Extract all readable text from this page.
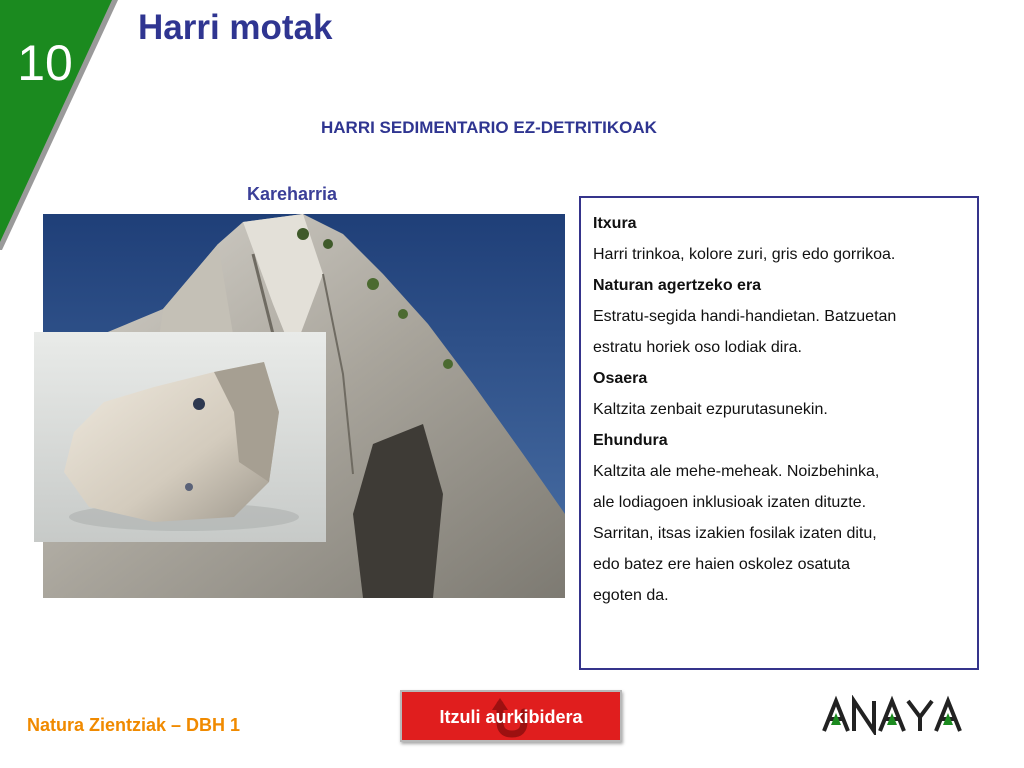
10
Harri motak
HARRI SEDIMENTARIO EZ-DETRITIKOAK
Kareharria
Itxura
Harri trinkoa, kolore zuri, gris edo gorrikoa.
Naturan agertzeko era
Estratu-segida handi-handietan. Batzuetan
estratu horiek oso lodiak dira.
Osaera
Kaltzita zenbait ezpurutasunekin.
Ehundura
Kaltzita ale mehe-meheak. Noizbehinka,
ale lodiagoen inklusioak izaten dituzte.
Sarritan, itsas izakien fosilak izaten ditu,
edo batez ere haien oskolez osatuta
egoten da.
Natura Zientziak – DBH 1	Itzuli aurkibidera
